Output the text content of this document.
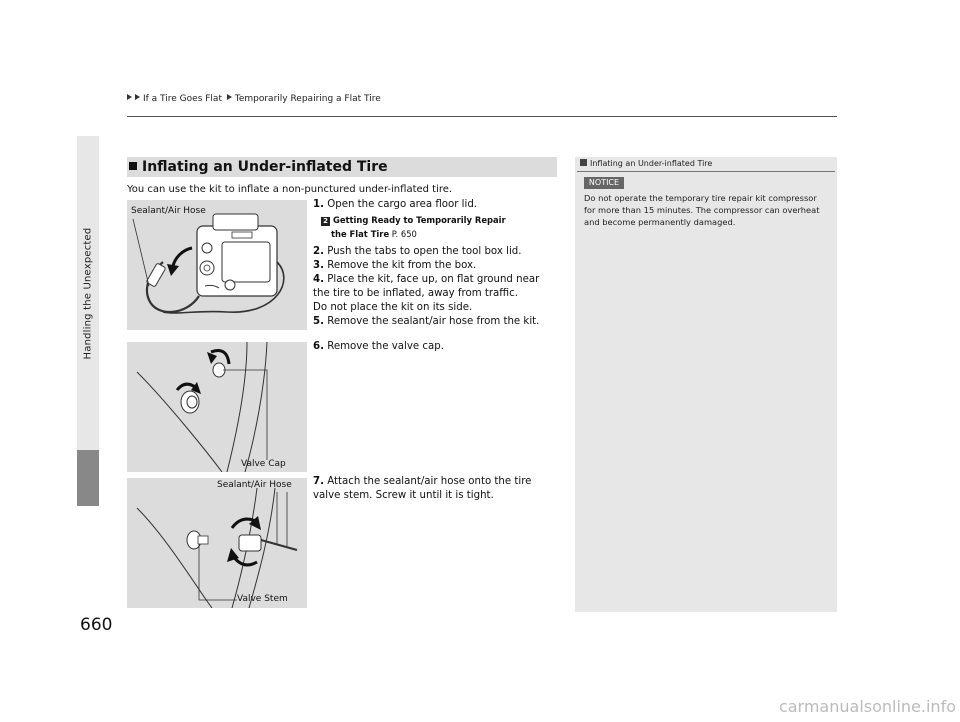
If a Tire Goes Flat Temporarily Repairing a Flat Tire
Handling the Unexpected
660
Inflating an Under-inflated Tire
You can use the kit to inflate a non-punctured under-inflated tire.
Sealant/Air Hose
Valve Cap
Sealant/Air Hose
Valve Stem
1. Open the cargo area floor lid.
2 Getting Ready to Temporarily Repair
the Flat Tire P. 650
2. Push the tabs to open the tool box lid.
3. Remove the kit from the box.
4. Place the kit, face up, on flat ground near
the tire to be inflated, away from traffic.
Do not place the kit on its side.
5. Remove the sealant/air hose from the kit.
6. Remove the valve cap.
7. Attach the sealant/air hose onto the tire
valve stem. Screw it until it is tight.
Inflating an Under-inflated Tire
NOTICE
Do not operate the temporary tire repair kit compressor for more than 15 minutes. The compressor can overheat and become permanently damaged.
carmanualsonline.info
